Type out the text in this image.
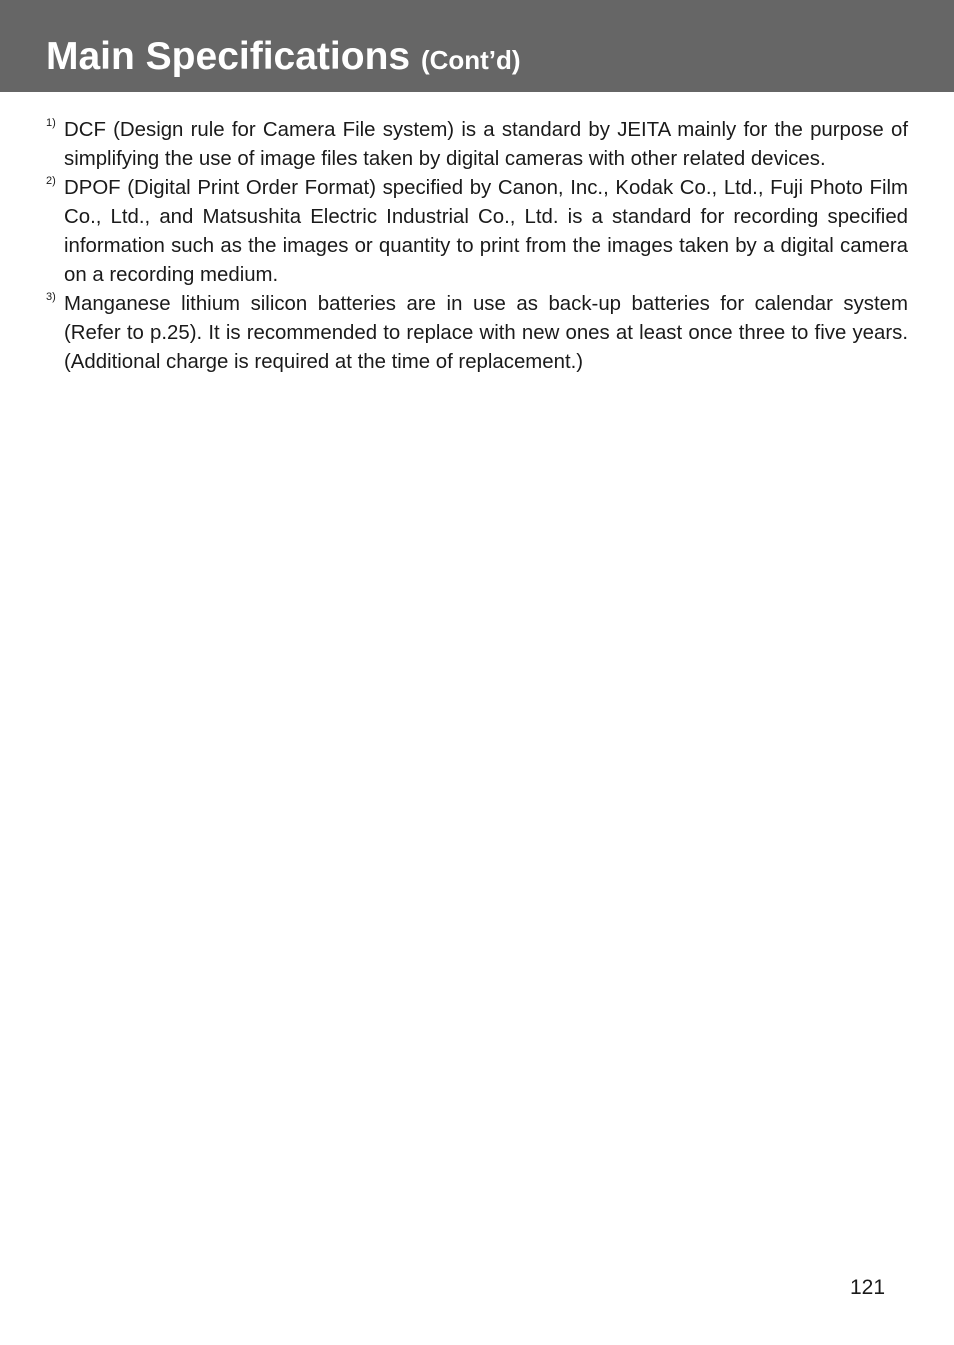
Main Specifications (Cont’d)
1) DCF (Design rule for Camera File system) is a standard by JEITA mainly for the purpose of simplifying the use of image files taken by digital cameras with other related devices.
2) DPOF (Digital Print Order Format) specified by Canon, Inc., Kodak Co., Ltd., Fuji Photo Film Co., Ltd., and Matsushita Electric Industrial Co., Ltd. is a standard for recording specified information such as the images or quantity to print from the images taken by a digital camera on a recording medium.
3) Manganese lithium silicon batteries are in use as back-up batteries for calendar system (Refer to p.25). It is recommended to replace with new ones at least once three to five years. (Additional charge is required at the time of replacement.)
121
